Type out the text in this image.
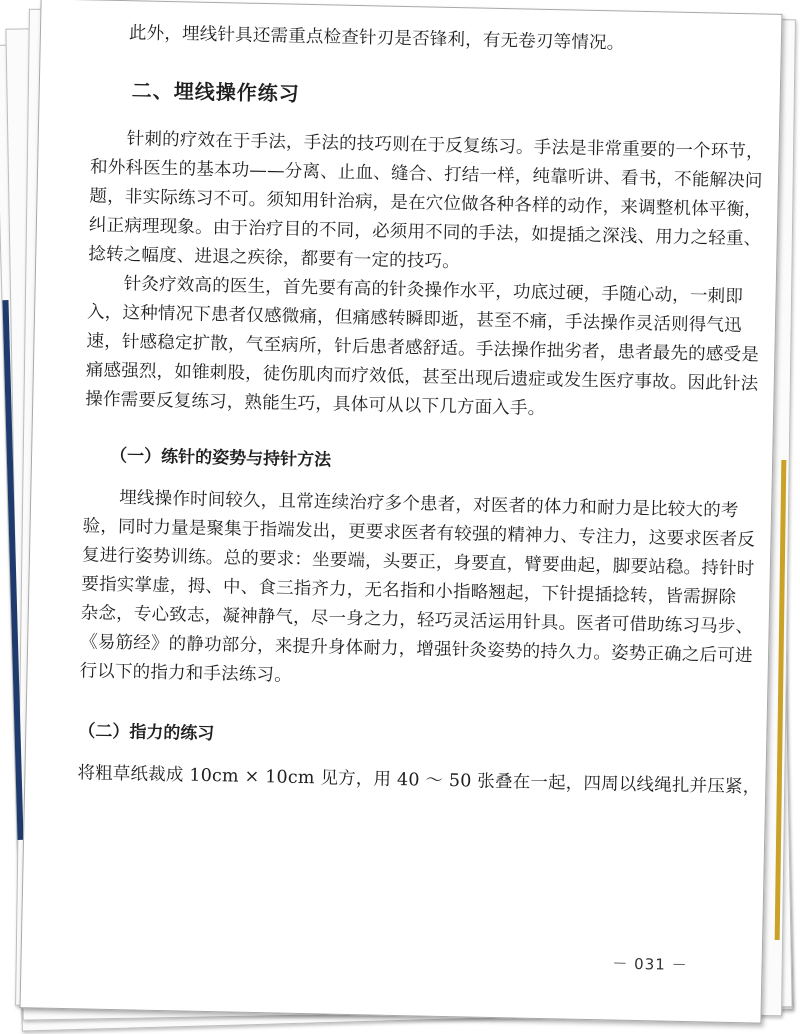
此外，埋线针具还需重点检查针刃是否锋利，有无卷刃等情况。

二、埋线操作练习

针刺的疗效在于手法，手法的技巧则在于反复练习。手法是非常重要的一个环节，

和外科医生的基本功——分离、止血、缝合、打结一样，纯靠听讲、看书，不能解决问

题，非实际练习不可。须知用针治病，是在穴位做各种各样的动作，来调整机体平衡，

纠正病理现象。由于治疗目的不同，必须用不同的手法，如提插之深浅、用力之轻重、

捻转之幅度、进退之疾徐，都要有一定的技巧。

针灸疗效高的医生，首先要有高的针灸操作水平，功底过硬，手随心动，一刺即

入，这种情况下患者仅感微痛，但痛感转瞬即逝，甚至不痛，手法操作灵活则得气迅

速，针感稳定扩散，气至病所，针后患者感舒适。手法操作拙劣者，患者最先的感受是

痛感强烈，如锥刺股，徒伤肌肉而疗效低，甚至出现后遗症或发生医疗事故。因此针法

操作需要反复练习，熟能生巧，具体可从以下几方面入手。

（一）练针的姿势与持针方法

埋线操作时间较久，且常连续治疗多个患者，对医者的体力和耐力是比较大的考

验，同时力量是聚集于指端发出，更要求医者有较强的精神力、专注力，这要求医者反

复进行姿势训练。总的要求：坐要端，头要正，身要直，臂要曲起，脚要站稳。持针时

要指实掌虚，拇、中、食三指齐力，无名指和小指略翘起，下针提插捻转，皆需摒除

杂念，专心致志，凝神静气，尽一身之力，轻巧灵活运用针具。医者可借助练习马步、

《易筋经》的静功部分，来提升身体耐力，增强针灸姿势的持久力。姿势正确之后可进

行以下的指力和手法练习。

（二）指力的练习

将粗草纸裁成 10cm × 10cm 见方，用 40 ～ 50 张叠在一起，四周以线绳扎并压紧，

－ 031 －
